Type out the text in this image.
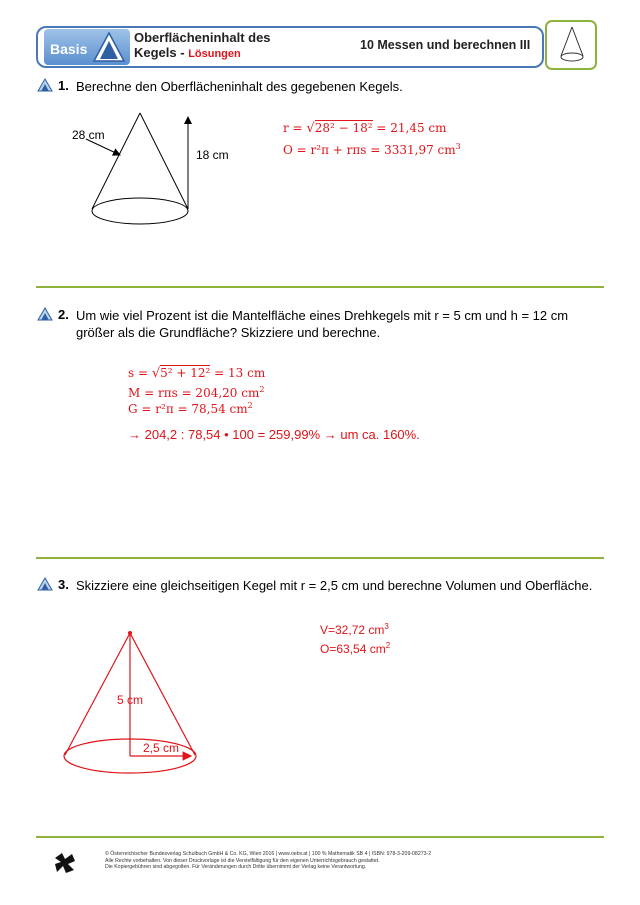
Basis
Oberflächeninhalt des
Kegels - Lösungen
10 Messen und berechnen III
1. Berechne den Oberflächeninhalt des gegebenen Kegels.
28 cm
18 cm
r = √28² − 18² = 21,45 cm
O = r²π + rπs = 3331,97 $cm^3$
2. Um wie viel Prozent ist die Mantelfläche eines Drehkegels mit r = 5 cm und h = 12 cm
größer als die Grundfläche? Skizziere und berechne.
s = √5² + 12² = 13 cm
M = rπs = 204,20 $cm^2$
G = r²π = 78,54 $cm^2$
→ 204,2 : 78,54 • 100 = 259,99% → um ca. 160%.
3. Skizziere eine gleichseitigen Kegel mit r = 2,5 cm und berechne Volumen und Oberfläche.
V=32,72 $cm^3$
O=63,54 $cm^2$
5 cm
2,5 cm
© Österreichischer Bundesverlag Schulbuch GmbH & Co. KG, Wien 2016 | www.oebv.at | 100 % Mathematik SB 4 | ISBN: 978-3-209-08273-2
Alle Rechte vorbehalten. Von dieser Druckvorlage ist die Vervielfältigung für den eigenen Unterrichtsgebrauch gestattet.
Die Kopiergebühren sind abgegolten. Für Veränderungen durch Dritte übernimmt der Verlag keine Verantwortung.
